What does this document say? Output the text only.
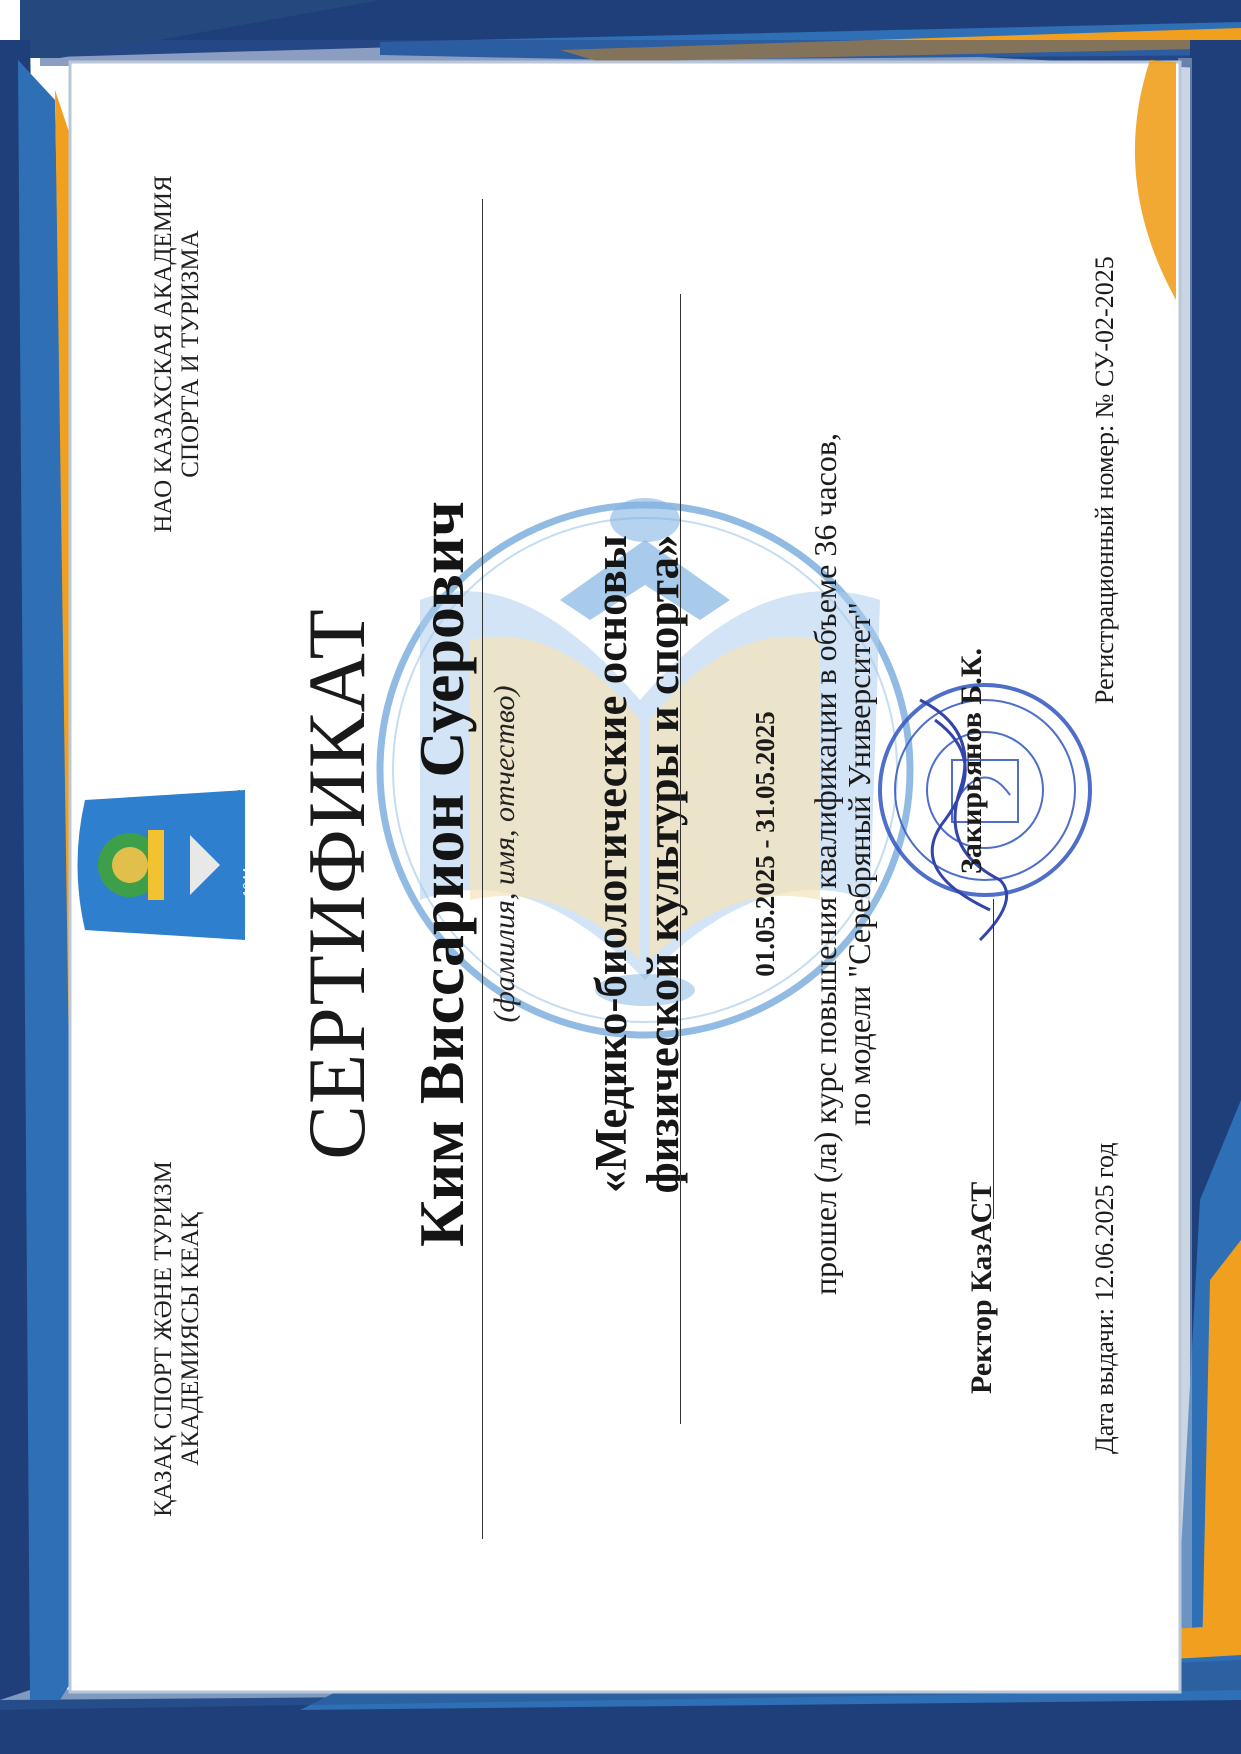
1944
ҚАЗАҚ СПОРТ ЖӘНЕ ТУРИЗМ АКАДЕМИЯСЫ КЕАҚ
НАО КАЗАХСКАЯ АКАДЕМИЯ СПОРТА И ТУРИЗМА
СЕРТИФИКАТ Ким Виссарион Суерович (фамилия, имя, отчество) «Медико-биологические основы физической культуры и спорта» 01.05.2025 - 31.05.2025 прошел (ла) курс повышения квалификации в объеме 36 часов,
по модели "Серебряный Университет"
Ректор КазАСТ
Закирьянов Б.К.
Дата выдачи: 12.06.2025 год
Регистрационный номер: № СУ-02-2025
